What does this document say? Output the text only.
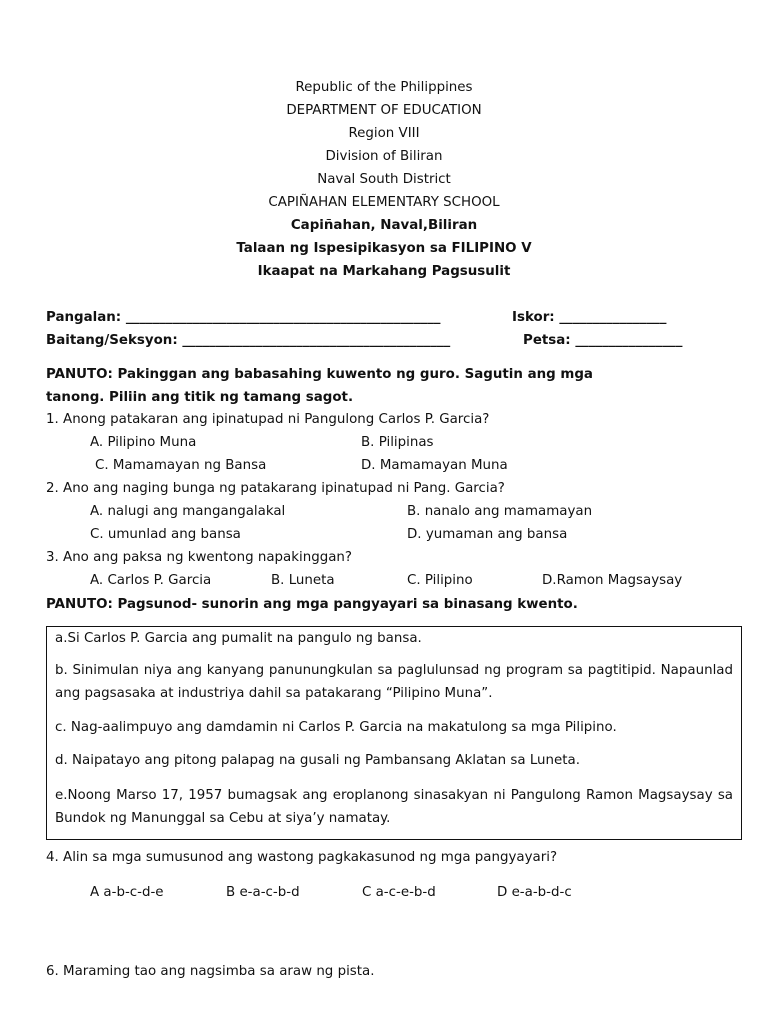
Republic of the Philippines
DEPARTMENT OF EDUCATION
Region VIII
Division of Biliran
Naval South District
CAPIÑAHAN ELEMENTARY SCHOOL
Capiñahan, Naval,Biliran
Talaan ng Ispesipikasyon sa FILIPINO V
Ikaapat na Markahang Pagsusulit
Pangalan: _______________________________________________	Iskor: ________________
Baitang/Seksyon: ________________________________________	Petsa: ________________
PANUTO: Pakinggan ang babasahing kuwento ng guro. Sagutin ang mga
tanong. Piliin ang titik ng tamang sagot.
1. Anong patakaran ang ipinatupad ni Pangulong Carlos P. Garcia?
A. Pilipino Muna	B. Pilipinas
C. Mamamayan ng Bansa	D. Mamamayan Muna
2. Ano ang naging bunga ng patakarang ipinatupad ni Pang. Garcia?
A. nalugi ang mangangalakal	B. nanalo ang mamamayan
C. umunlad ang bansa	D. yumaman ang bansa
3. Ano ang paksa ng kwentong napakinggan?
A. Carlos P. Garcia	B. Luneta	C. Pilipino	D.Ramon Magsaysay
PANUTO: Pagsunod- sunorin ang mga pangyayari sa binasang kwento.
a.Si Carlos P. Garcia ang pumalit na pangulo ng bansa.
b. Sinimulan niya ang kanyang panunungkulan sa paglulunsad ng program sa pagtitipid. Napaunlad ang pagsasaka at industriya dahil sa patakarang “Pilipino Muna”.
c. Nag-aalimpuyo ang damdamin ni Carlos P. Garcia na makatulong sa mga Pilipino.
d. Naipatayo ang pitong palapag na gusali ng Pambansang Aklatan sa Luneta.
e.Noong Marso 17, 1957 bumagsak ang eroplanong sinasakyan ni Pangulong Ramon Magsaysay sa Bundok ng Manunggal sa Cebu at siya’y namatay.
4. Alin sa mga sumusunod ang wastong pagkakasunod ng mga pangyayari?
A a-b-c-d-e	B e-a-c-b-d	C a-c-e-b-d	D e-a-b-d-c
6. Maraming tao ang nagsimba sa araw ng pista.
